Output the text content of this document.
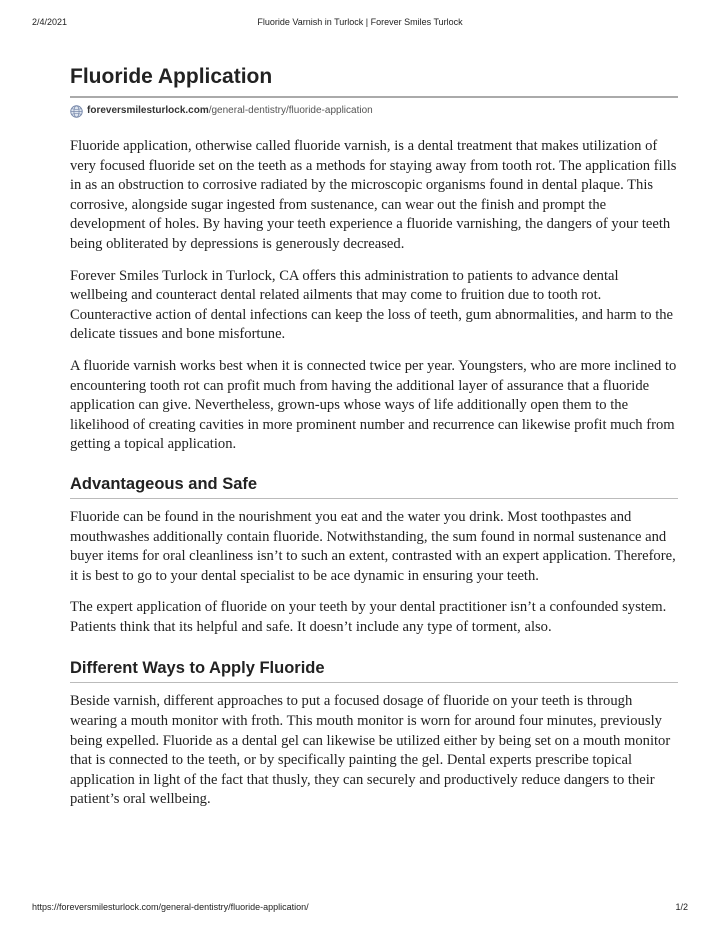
2/4/2021	Fluoride Varnish in Turlock | Forever Smiles Turlock
Fluoride Application
foreversmilesturlock.com /general-dentistry/fluoride-application

Fluoride application, otherwise called fluoride varnish, is a dental treatment that makes utilization of very focused fluoride set on the teeth as a methods for staying away from tooth rot. The application fills in as an obstruction to corrosive radiated by the microscopic organisms found in dental plaque. This corrosive, alongside sugar ingested from sustenance, can wear out the finish and prompt the development of holes. By having your teeth experience a fluoride varnishing, the dangers of your teeth being obliterated by depressions is generously decreased.

Forever Smiles Turlock in Turlock, CA offers this administration to patients to advance dental wellbeing and counteract dental related ailments that may come to fruition due to tooth rot. Counteractive action of dental infections can keep the loss of teeth, gum abnormalities, and harm to the delicate tissues and bone misfortune.

A fluoride varnish works best when it is connected twice per year. Youngsters, who are more inclined to encountering tooth rot can profit much from having the additional layer of assurance that a fluoride application can give. Nevertheless, grown-ups whose ways of life additionally open them to the likelihood of creating cavities in more prominent number and recurrence can likewise profit much from getting a topical application.

Advantageous and Safe

Fluoride can be found in the nourishment you eat and the water you drink. Most toothpastes and mouthwashes additionally contain fluoride. Notwithstanding, the sum found in normal sustenance and buyer items for oral cleanliness isn’t to such an extent, contrasted with an expert application. Therefore, it is best to go to your dental specialist to be ace dynamic in ensuring your teeth.

The expert application of fluoride on your teeth by your dental practitioner isn’t a confounded system. Patients think that its helpful and safe. It doesn’t include any type of torment, also.

Different Ways to Apply Fluoride

Beside varnish, different approaches to put a focused dosage of fluoride on your teeth is through wearing a mouth monitor with froth. This mouth monitor is worn for around four minutes, previously being expelled. Fluoride as a dental gel can likewise be utilized either by being set on a mouth monitor that is connected to the teeth, or by specifically painting the gel. Dental experts prescribe topical application in light of the fact that thusly, they can securely and productively reduce dangers to their patient’s oral wellbeing.

https://foreversmilesturlock.com/general-dentistry/fluoride-application/	1/2
